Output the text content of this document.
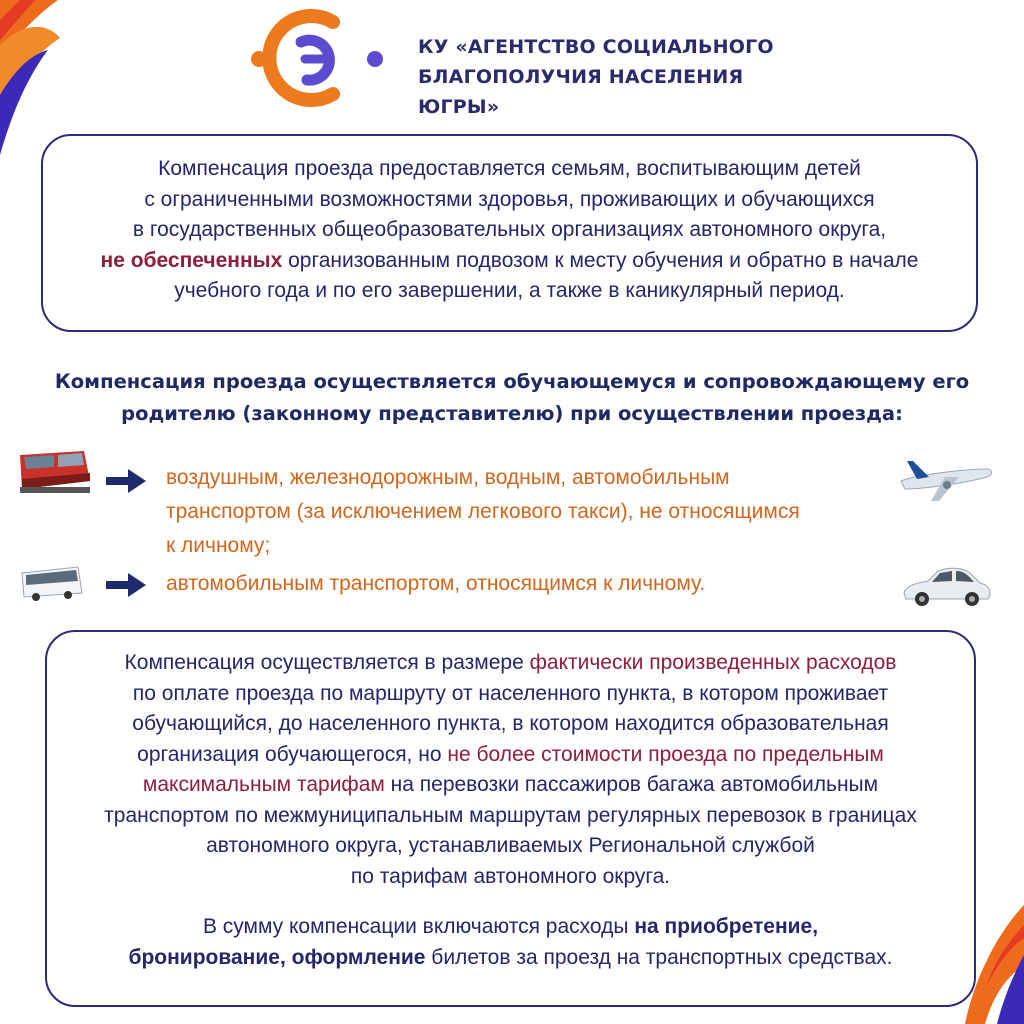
КУ «АГЕНТСТВО СОЦИАЛЬНОГО
БЛАГОПОЛУЧИЯ НАСЕЛЕНИЯ ЮГРЫ»

Компенсация проезда предоставляется семьям, воспитывающим детей
с ограниченными возможностями здоровья, проживающих и обучающихся
в государственных общеобразовательных организациях автономного округа,
не обеспеченных организованным подвозом к месту обучения и обратно в начале
учебного года и по его завершении, а также в каникулярный период.

Компенсация проезда осуществляется обучающемуся и сопровождающему его
родителю (законному представителю) при осуществлении проезда:
воздушным, железнодорожным, водным, автомобильным
транспортом (за исключением легкового такси), не относящимся
к личному;
автомобильным транспортом, относящимся к личному.

Компенсация осуществляется в размере фактически произведенных расходов
по оплате проезда по маршруту от населенного пункта, в котором проживает
обучающийся, до населенного пункта, в котором находится образовательная
организация обучающегося, но не более стоимости проезда по предельным
максимальным тарифам на перевозки пассажиров багажа автомобильным
транспортом по межмуниципальным маршрутам регулярных перевозок в границах
автономного округа, устанавливаемых Региональной службой
по тарифам автономного округа.

В сумму компенсации включаются расходы на приобретение,
бронирование, оформление билетов за проезд на транспортных средствах.
